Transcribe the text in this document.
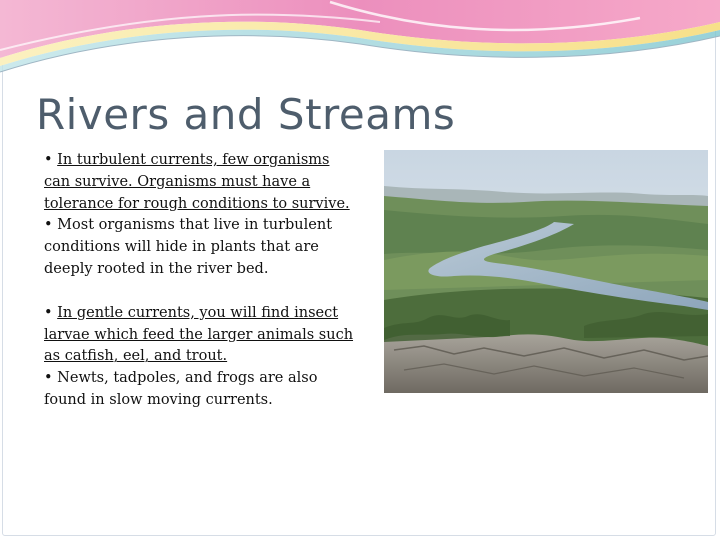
Rivers and Streams

• In turbulent currents, few organisms can survive. Organisms must have a tolerance for rough conditions to survive.

• Most organisms that live in turbulent conditions will hide in plants that are deeply rooted in the river bed.

• In gentle currents, you will find insect larvae which feed the larger animals such as catfish, eel, and trout.

• Newts, tadpoles, and frogs are also found in slow moving currents.
